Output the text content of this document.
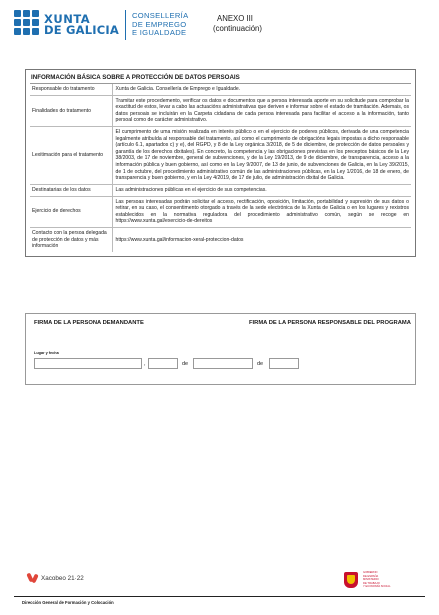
XUNTA
DE GALICIA
CONSELLERÍA
DE EMPREGO
E IGUALDADE
ANEXO III
(continuación)
INFORMACIÓN BÁSICA SOBRE A PROTECCIÓN DE DATOS PERSOAIS
Responsable do tratamento	Xunta de Galicia. Consellería de Emprego e Igualdade.
Finalidades do tratamento	Tramitar este procedemento, verificar os datos e documentos que a persoa interesada aporte en su solicitude para comprobar la exactitud de estos, levar a cabo las actuacións administrativas que deriven e informar sobre el estado de tramitación. Ademais, os datos persoais se incluirán en la Carpeta cidadana de cada persoa interesada para facilitar el acceso a la información, tanto persoal como de carácter administrativo.
Lexitimación para el tratamento	El cumprimento de uma misión realizada en interés público o en el ejercicio de poderes públicos, derivada de una competencia legalmente atribuída al responsable del tratamento, así como el cumprimento de obrigacións legais impostas a dicho responsable (artículo 6.1, apartados c) y e), del RGPD, y 8 de la Ley orgánica 3/2018, de 5 de diciembre, de protección de datos persoales y garantía de los derechos dixitales). En concreto, la competencia y las obrigaciones previstas en los preceptos básicos de la Ley 38/2003, de 17 de noviembre, general de subvenciones, y de la Ley 19/2013, de 9 de diciembre, de transparencia, acceso a la información pública y buen gobierno, así como en la Ley 9/2007, de 13 de junio, de subvenciones de Galicia, en la Ley 39/2015, de 1 de octubre, del procedimiento administrativo común de las administraciones públicas, en la Ley 1/2016, de 18 de enero, de transparencia y buen gobierno, y en la Ley 4/2019, de 17 de julio, de administración dixital de Galicia.
Destinatarias de los datos	Las administraciones públicas en el ejercicio de sus competencias.
Ejercicio de derechos	Las persoas interesadas podrán solicitar el acceso, rectificación, oposición, limitación, portabilidad y supresión de sus datos o retirar, en su caso, el consentimento otorgado a través de la sede electrónica de la Xunta de Galicia o en los lugares y rexistros establecidos en la normativa reguladora del procedimiento administrativo común, según se recoge en https://www.xunta.gal/exercicio-de-dereitos
Contacto con la persoa delegada de protección de datos y más información	https://www.xunta.gal/informacion-xeral-proteccion-datos
FIRMA DE LA PERSONA DEMANDANTE	FIRMA DE LA PERSONA RESPONSABLE DEL PROGRAMA
Lugar y fecha
,	de	de
Xacobeo 21·22
GOBIERNO
DE ESPAÑA
MINISTERIO
DE TRABAJO
Y ECONOMÍA SOCIAL
Dirección General de Formación y Colocación
